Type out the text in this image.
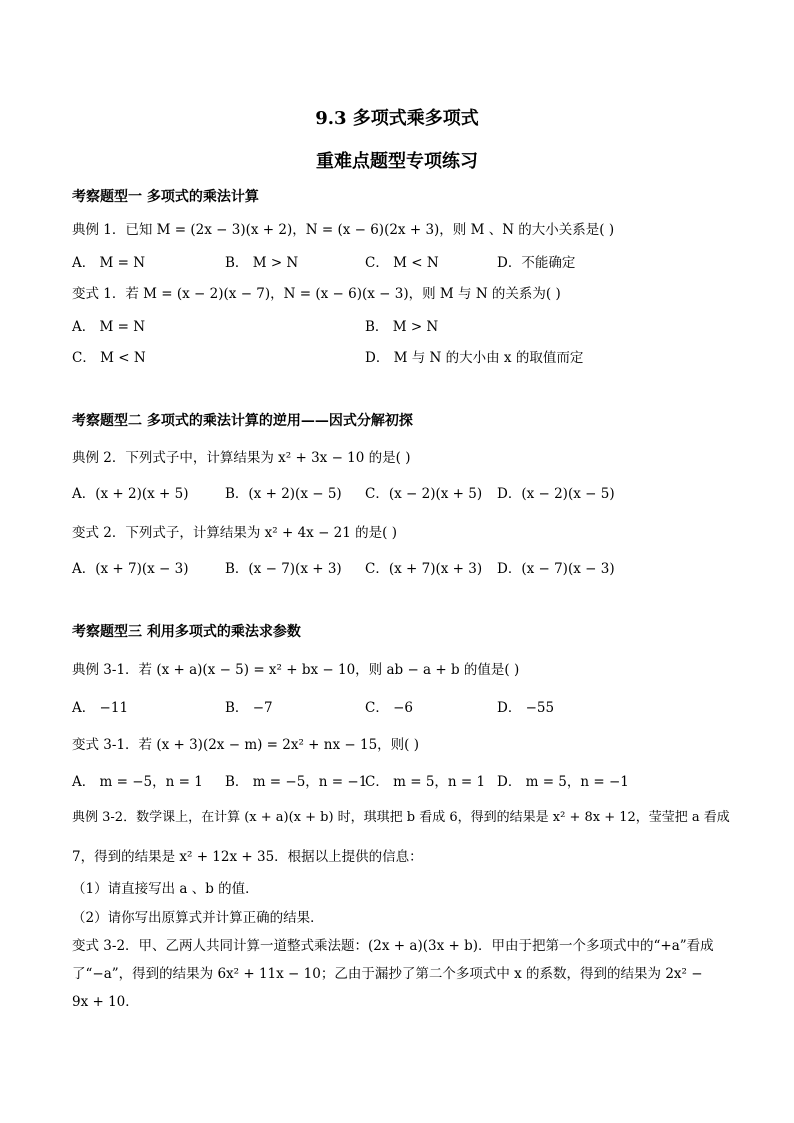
9.3 多项式乘多项式
重难点题型专项练习
考察题型一 多项式的乘法计算
典例 1．已知 M = (2x − 3)(x + 2)，N = (x − 6)(2x + 3)，则 M 、N 的大小关系是( )
A． M = N	B． M > N	C． M < N	D．不能确定
变式 1．若 M = (x − 2)(x − 7)，N = (x − 6)(x − 3)，则 M 与 N 的关系为( )
A． M = N	B． M > N
C． M < N	D． M 与 N 的大小由 x 的取值而定
考察题型二 多项式的乘法计算的逆用——因式分解初探
典例 2．下列式子中，计算结果为 x² + 3x − 10 的是( )
A．(x + 2)(x + 5)	B．(x + 2)(x − 5) C．(x − 2)(x + 5) D．(x − 2)(x − 5)
变式 2．下列式子，计算结果为 x² + 4x − 21 的是( )
A．(x + 7)(x − 3)	B．(x − 7)(x + 3) C．(x + 7)(x + 3) D．(x − 7)(x − 3)
考察题型三 利用多项式的乘法求参数
典例 3-1．若 (x + a)(x − 5) = x² + bx − 10，则 ab − a + b 的值是( )
A． −11	B． −7	C． −6	D． −55
变式 3-1．若 (x + 3)(2x − m) = 2x² + nx − 15，则( )
A． m = −5，n = 1 B． m = −5，n = −1
C． m = 5，n = 1 D． m = 5，n = −1
典例 3-2．数学课上，在计算 (x + a)(x + b) 时，琪琪把 b 看成 6，得到的结果是 x² + 8x + 12，莹莹把 a 看成
7，得到的结果是 x² + 12x + 35．根据以上提供的信息：
（1）请直接写出 a 、b 的值．
（2）请你写出原算式并计算正确的结果．
变式 3-2．甲、乙两人共同计算一道整式乘法题：(2x + a)(3x + b)．甲由于把第一个多项式中的“+a”看成了“−a”，得到的结果为 6x² + 11x − 10；乙由于漏抄了第二个多项式中 x 的系数，得到的结果为 2x² − 9x + 10．
